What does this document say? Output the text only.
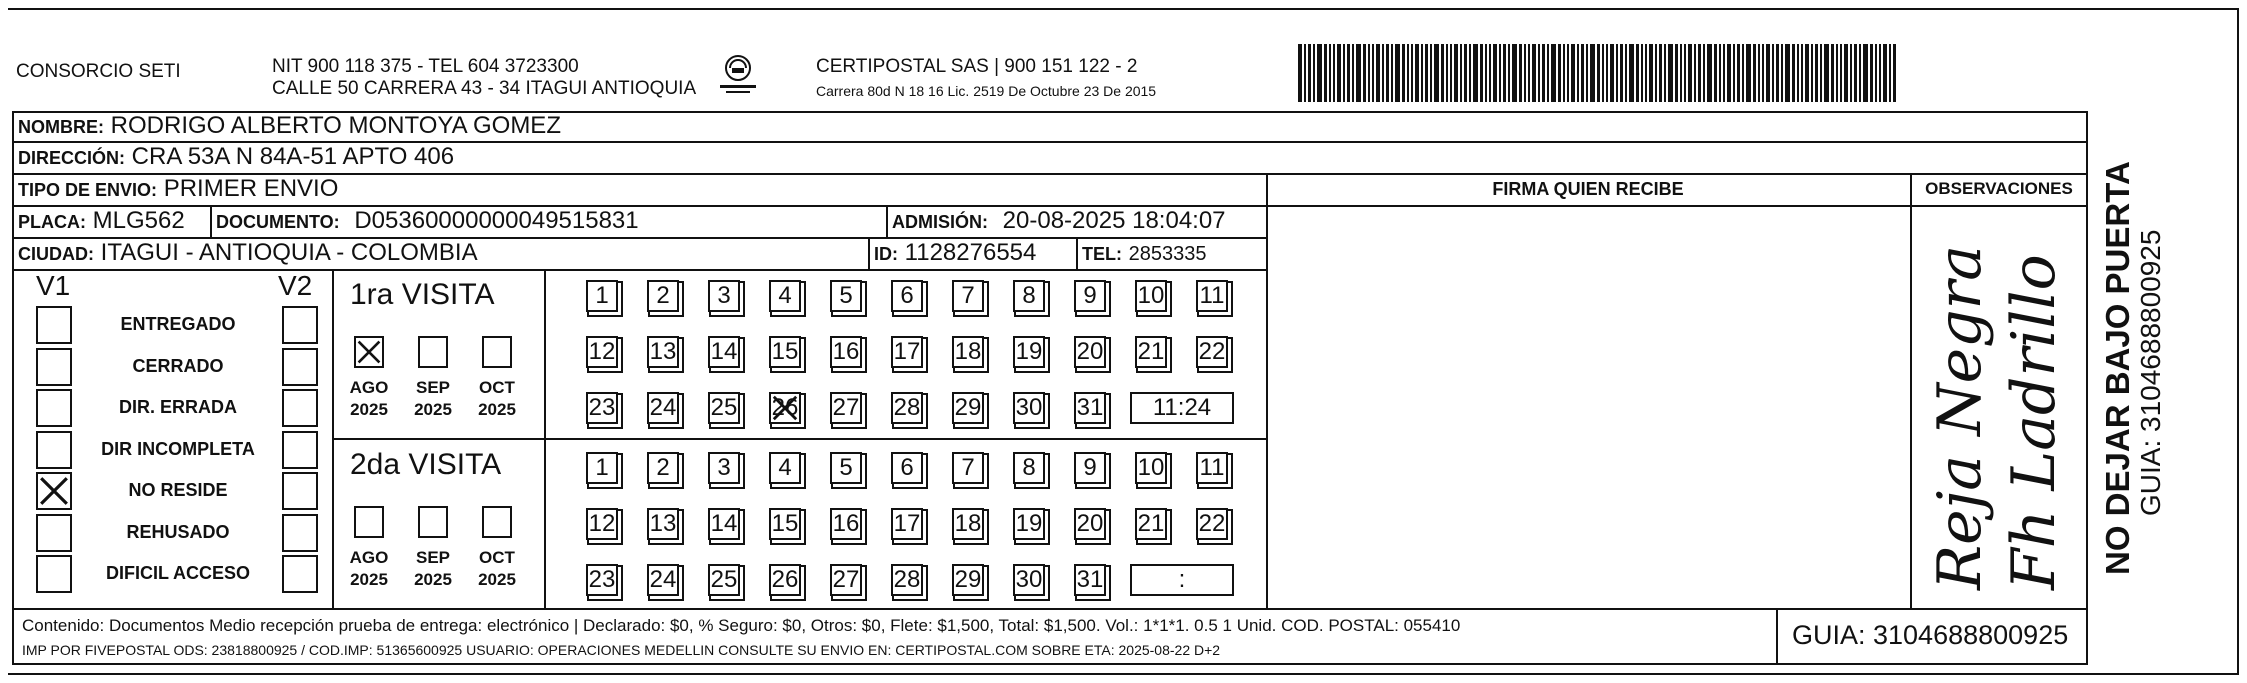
CONSORCIO SETI	NIT 900 118 375 - TEL 604 3723300
CALLE 50 CARRERA 43 - 34 ITAGUI ANTIOQUIA
CERTIPOSTAL SAS | 900 151 122 - 2
Carrera 80d N 18 16 Lic. 2519 De Octubre 23 De 2015
NOMBRE: RODRIGO ALBERTO MONTOYA GOMEZ
DIRECCIÓN: CRA 53A N 84A-51 APTO 406
TIPO DE ENVIO: PRIMER ENVIO
PLACA: MLG562 DOCUMENTO: D05360000000049515831	ADMISIÓN: 20-08-2025 18:04:07
CIUDAD: ITAGUI - ANTIOQUIA - COLOMBIA	ID: 1128276554	TEL: 2853335
FIRMA QUIEN RECIBE	OBSERVACIONES
V1	V2
ENTREGADO
CERRADO
DIR. ERRADA
DIR INCOMPLETA
NO RESIDE
REHUSADO
DIFICIL ACCESO
1ra VISITA
AGO
2025
SEP
2025
OCT
2025
1	2	3	4	5	6	7	8	9	10 11
12 13 14 15 16 17 18 19 20 21 22
23 24 25 26 27 28 29 30 31	11:24
2da VISITA
AGO
2025
SEP
2025
OCT
2025
1	2	3	4	5	6	7	8	9	10 11
12 13 14 15 16 17 18 19 20 21 22
23 24 25 26 27 28 29 30 31	:	Reja Negra Fh Ladrillo
Contenido: Documentos Medio recepción prueba de entrega: electrónico | Declarado: $0, % Seguro: $0, Otros: $0, Flete: $1,500, Total: $1,500. Vol.: 1*1*1. 0.5 1 Unid. COD. POSTAL: 055410
IMP POR FIVEPOSTAL ODS: 23818800925 / COD.IMP: 51365600925 USUARIO: OPERACIONES MEDELLIN CONSULTE SU ENVIO EN: CERTIPOSTAL.COM SOBRE ETA: 2025-08-22 D+2	GUIA: 3104688800925
NO DEJAR BAJO PUERTA GUIA: 3104688800925
